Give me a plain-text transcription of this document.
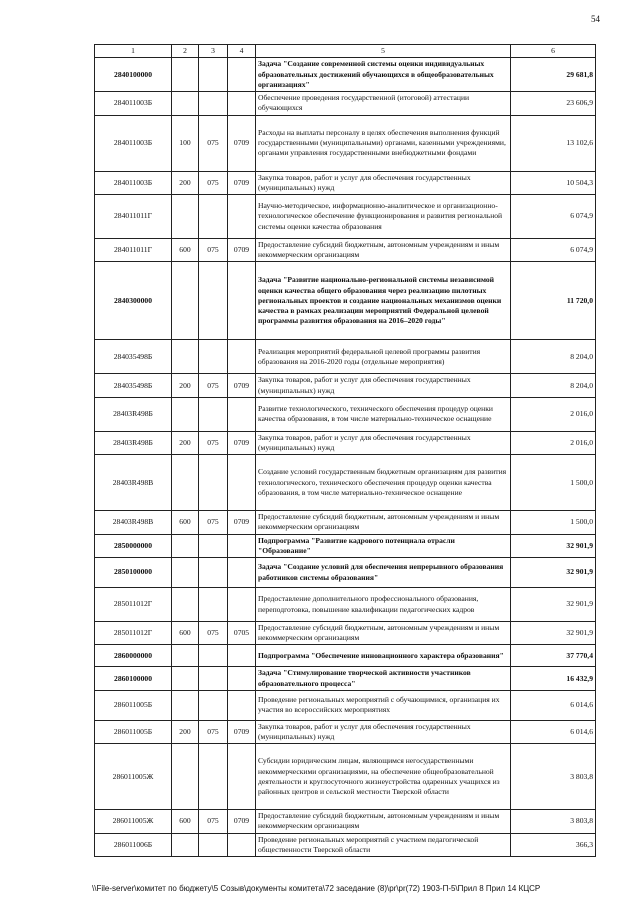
54
1	2	3	4	5	6
2840100000				Задача "Создание современной системы оценки индивидуальных образовательных достижений обучающихся в общеобразовательных организациях"	29 681,8
284011003Б				Обеспечение проведения государственной (итоговой) аттестации обучающихся	23 606,9
284011003Б	100	075	0709	Расходы на выплаты персоналу в целях обеспечения выполнения функций государственными (муниципальными) органами, казенными учреждениями, органами управления государственными внебюджетными фондами	13 102,6
284011003Б	200	075	0709	Закупка товаров, работ и услуг для обеспечения государственных (муниципальных) нужд	10 504,3
284011011Г				Научно-методическое, информационно-аналитическое и организационно-технологическое обеспечение функционирования и развития региональной системы оценки качества образования	6 074,9
284011011Г	600	075	0709	Предоставление субсидий бюджетным, автономным учреждениям и иным некоммерческим организациям	6 074,9
2840300000				Задача "Развитие национально-региональной системы независимой оценки качества общего образования через реализацию пилотных региональных проектов и создание национальных механизмов оценки качества в рамках реализации мероприятий Федеральной целевой программы развития образования на 2016–2020 годы"	11 720,0
284035498Б				Реализация мероприятий федеральной целевой программы развития образования на 2016-2020 годы (отдельные мероприятия)	8 204,0
284035498Б	200	075	0709	Закупка товаров, работ и услуг для обеспечения государственных (муниципальных) нужд	8 204,0
28403R498Б				Развитие технологического, технического обеспечения процедур оценки качества образования, в том числе материально-техническое оснащение	2 016,0
28403R498Б	200	075	0709	Закупка товаров, работ и услуг для обеспечения государственных (муниципальных) нужд	2 016,0
28403R498В				Создание условий государственным бюджетным организациям для развития технологического, технического обеспечения процедур оценки качества образования, в том числе материально-техническое оснащение	1 500,0
28403R498В	600	075	0709	Предоставление субсидий бюджетным, автономным учреждениям и иным некоммерческим организациям	1 500,0
2850000000				Подпрограмма "Развитие кадрового потенциала отрасли "Образование"	32 901,9
2850100000				Задача "Создание условий для обеспечения непрерывного образования работников системы образования"	32 901,9
285011012Г				Предоставление дополнительного профессионального образования, переподготовка, повышение квалификации педагогических кадров	32 901,9
285011012Г	600	075	0705	Предоставление субсидий бюджетным, автономным учреждениям и иным некоммерческим организациям	32 901,9
2860000000				Подпрограмма "Обеспечение инновационного характера образования"	37 770,4
2860100000				Задача "Стимулирование творческой активности участников образовательного процесса"	16 432,9
286011005Б				Проведение региональных мероприятий с обучающимися, организация их участия во всероссийских мероприятиях	6 014,6
286011005Б	200	075	0709	Закупка товаров, работ и услуг для обеспечения государственных (муниципальных) нужд	6 014,6
286011005Ж				Субсидии юридическим лицам, являющимся негосударственными некоммерческими организациями, на обеспечение общеобразовательной деятельности и круглосуточного жизнеустройства одаренных учащихся из районных центров и сельской местности Тверской области	3 803,8
286011005Ж	600	075	0709	Предоставление субсидий бюджетным, автономным учреждениям и иным некоммерческим организациям	3 803,8
286011006Б				Проведение региональных мероприятий с участием педагогической общественности Тверской области	366,3
\\File-server\комитет по бюджету\5 Созыв\документы комитета\72 заседание (8)\pr\pr(72) 1903-П-5\Прил 8 Прил 14 КЦСР
